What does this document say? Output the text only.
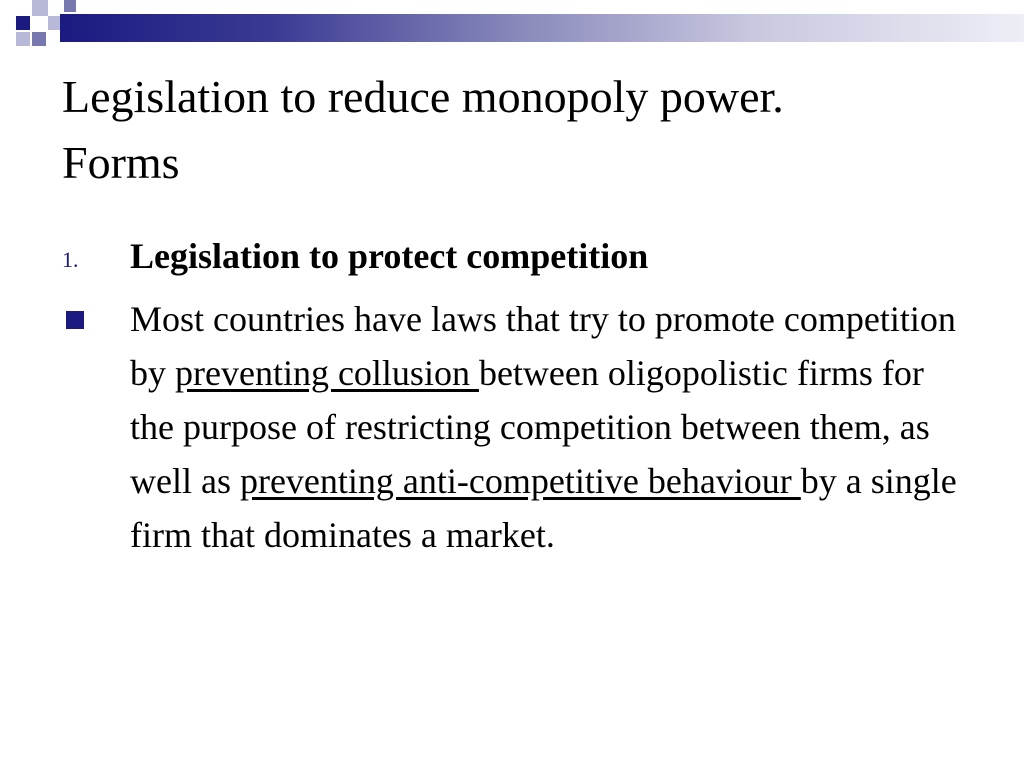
Legislation to reduce monopoly power.
Forms
1. Legislation to protect competition
Most countries have laws that try to promote competition by preventing collusion between oligopolistic firms for the purpose of restricting competition between them, as well as preventing anti-competitive behaviour by a single firm that dominates a market.
